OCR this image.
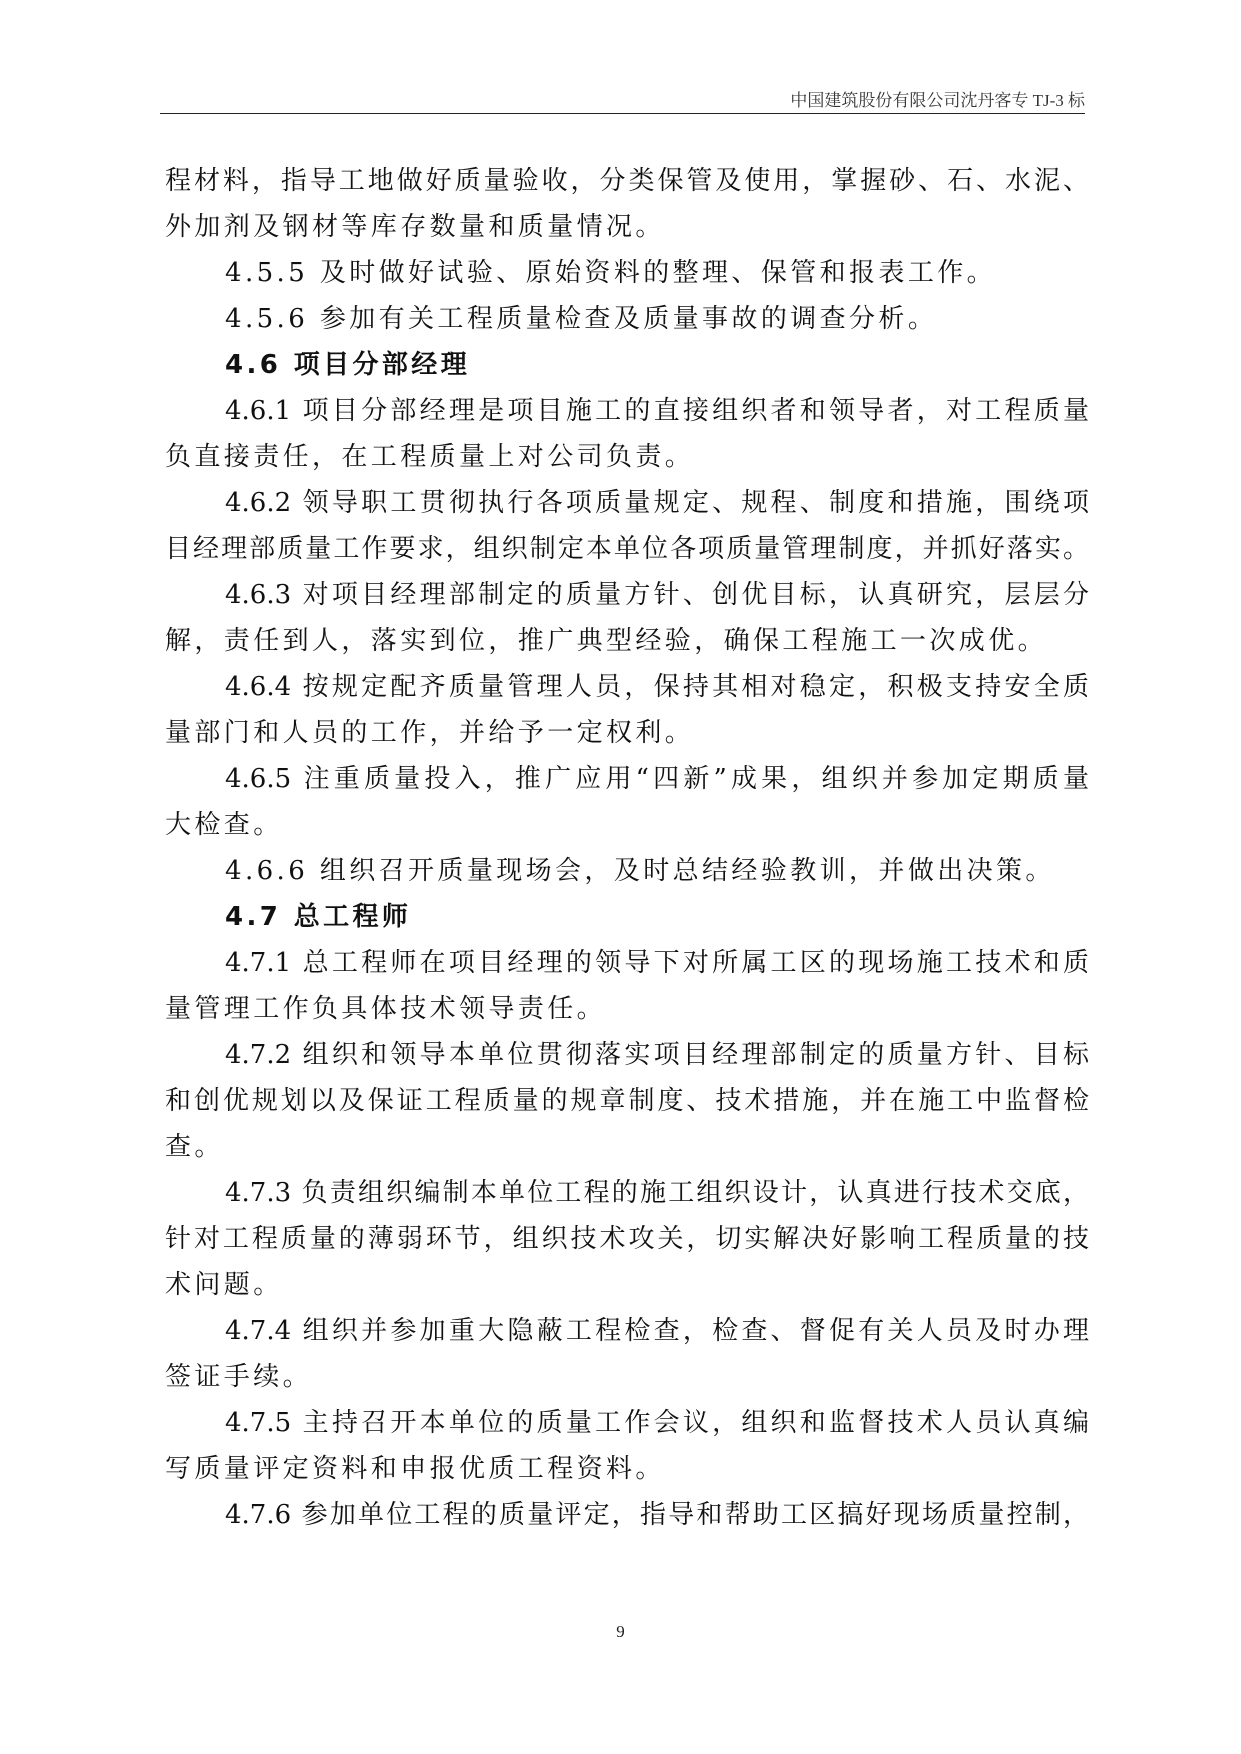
中国建筑股份有限公司沈丹客专 TJ-3 标
程材料，指导工地做好质量验收，分类保管及使用，掌握砂、石、水泥、
外加剂及钢材等库存数量和质量情况。
4.5.5 及时做好试验、原始资料的整理、保管和报表工作。
4.5.6 参加有关工程质量检查及质量事故的调查分析。
4.6 项目分部经理
4.6.1 项目分部经理是项目施工的直接组织者和领导者，对工程质量
负直接责任，在工程质量上对公司负责。
4.6.2 领导职工贯彻执行各项质量规定、规程、制度和措施，围绕项
目经理部质量工作要求，组织制定本单位各项质量管理制度，并抓好落实。
4.6.3 对项目经理部制定的质量方针、创优目标，认真研究，层层分
解，责任到人，落实到位，推广典型经验，确保工程施工一次成优。
4.6.4 按规定配齐质量管理人员，保持其相对稳定，积极支持安全质
量部门和人员的工作，并给予一定权利。
4.6.5 注重质量投入，推广应用“四新”成果，组织并参加定期质量
大检查。
4.6.6 组织召开质量现场会，及时总结经验教训，并做出决策。
4.7 总工程师
4.7.1 总工程师在项目经理的领导下对所属工区的现场施工技术和质
量管理工作负具体技术领导责任。
4.7.2 组织和领导本单位贯彻落实项目经理部制定的质量方针、目标
和创优规划以及保证工程质量的规章制度、技术措施，并在施工中监督检
查。
4.7.3 负责组织编制本单位工程的施工组织设计，认真进行技术交底，
针对工程质量的薄弱环节，组织技术攻关，切实解决好影响工程质量的技
术问题。
4.7.4 组织并参加重大隐蔽工程检查，检查、督促有关人员及时办理
签证手续。
4.7.5 主持召开本单位的质量工作会议，组织和监督技术人员认真编
写质量评定资料和申报优质工程资料。
4.7.6 参加单位工程的质量评定，指导和帮助工区搞好现场质量控制，
9
